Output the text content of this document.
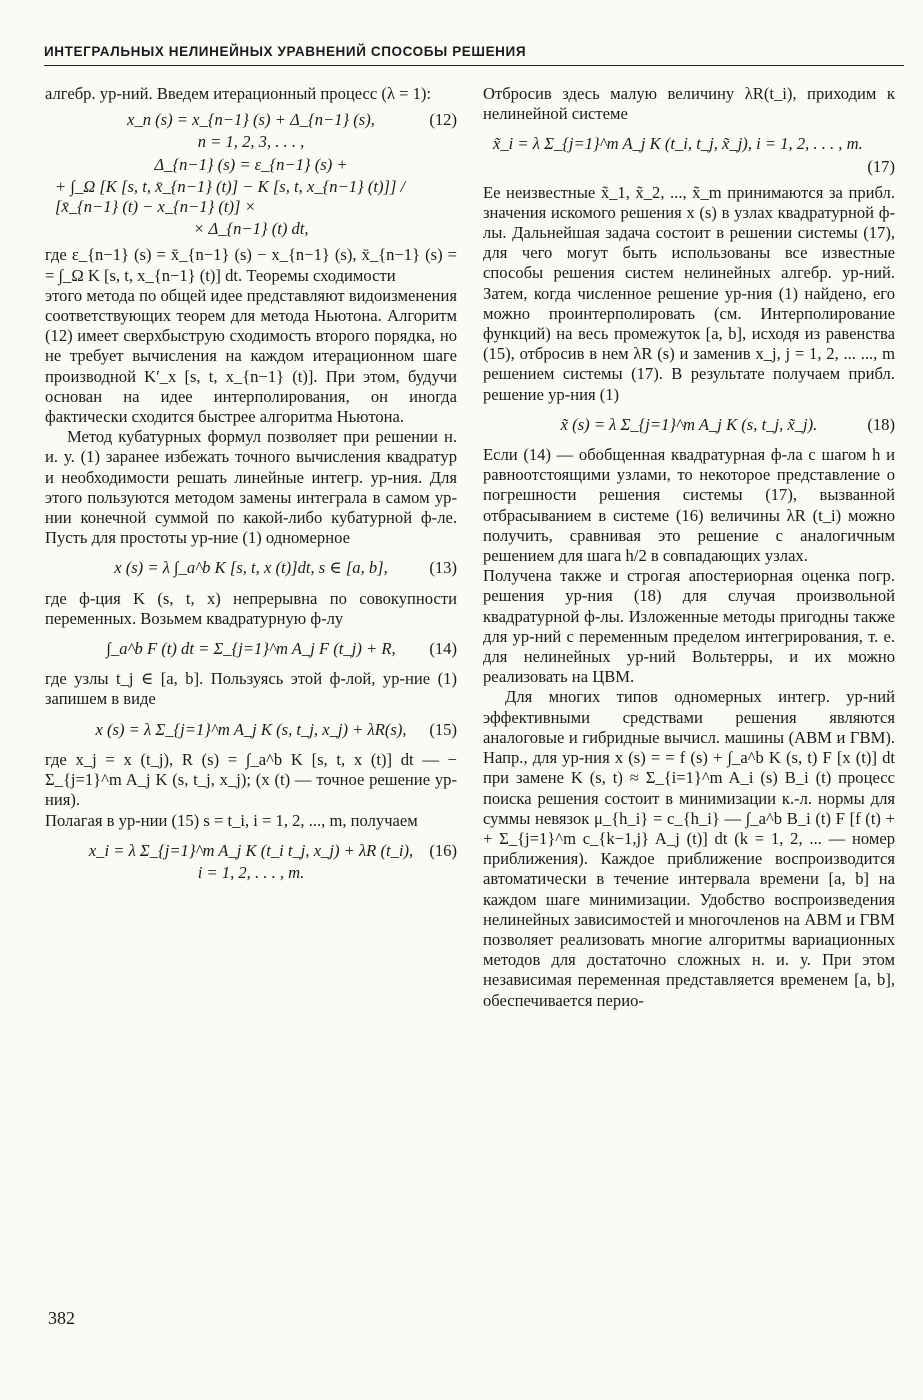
ИНТЕГРАЛЬНЫХ НЕЛИНЕЙНЫХ УРАВНЕНИЙ СПОСОБЫ РЕШЕНИЯ

алгебр. ур-ний. Введем итерационный процесс (λ = 1):

x_n (s) = x_{n−1} (s) + Δ_{n−1} (s),	(12)
n = 1, 2, 3, . . . ,
Δ_{n−1} (s) = ε_{n−1} (s) +
+ ∫_Ω [K [s, t, x̄_{n−1} (t)] − K [s, t, x_{n−1} (t)]] / [x̄_{n−1} (t) − x_{n−1} (t)] ×
× Δ_{n−1} (t) dt,

где ε_{n−1} (s) = x̄_{n−1} (s) − x_{n−1} (s), x̄_{n−1} (s) = = ∫_Ω K [s, t, x_{n−1} (t)] dt. Теоремы сходимости

этого метода по общей идее представляют видоизменения соответствующих теорем для метода Ньютона. Алгоритм (12) имеет сверхбыструю сходимость второго порядка, но не требует вычисления на каждом итерационном шаге производной K′_x [s, t, x_{n−1} (t)]. При этом, будучи основан на идее интерполирования, он иногда фактически сходится быстрее алгоритма Ньютона.

Метод кубатурных формул позволяет при решении н. и. у. (1) заранее избежать точного вычисления квадратур и необходимости решать линейные интегр. ур-ния. Для этого пользуются методом замены интеграла в самом ур-нии конечной суммой по какой-либо кубатурной ф-ле. Пусть для простоты ур-ние (1) одномерное

x (s) = λ ∫_a^b K [s, t, x (t)]dt, s ∈ [a, b],	(13)

где ф-ция K (s, t, x) непрерывна по совокупности переменных. Возьмем квадратурную ф-лу

∫_a^b F (t) dt = Σ_{j=1}^m A_j F (t_j) + R, (14)

где узлы t_j ∈ [a, b]. Пользуясь этой ф-лой, ур-ние (1) запишем в виде

x (s) = λ Σ_{j=1}^m A_j K (s, t_j, x_j) + λR(s), (15)

где x_j = x (t_j), R (s) = ∫_a^b K [s, t, x (t)] dt — − Σ_{j=1}^m A_j K (s, t_j, x_j); (x (t) — точное решение ур-ния).

Полагая в ур-нии (15) s = t_i, i = 1, 2, ..., m, получаем

x_i = λ Σ_{j=1}^m A_j K (t_i t_j, x_j) + λR (t_i), (16)
i = 1, 2, . . . , m.

Отбросив здесь малую величину λR(t_i), приходим к нелинейной системе

x̃_i = λ Σ_{j=1}^m A_j K (t_i, t_j, x̃_j), i = 1, 2, . . . , m.
(17)

Ее неизвестные x̃_1, x̃_2, ..., x̃_m принимаются за прибл. значения искомого решения x (s) в узлах квадратурной ф-лы. Дальнейшая задача состоит в решении системы (17), для чего могут быть использованы все известные способы решения систем нелинейных алгебр. ур-ний. Затем, когда численное решение ур-ния (1) найдено, его можно проинтерполировать (см. Интерполирование функций) на весь промежуток [a, b], исходя из равенства (15), отбросив в нем λR (s) и заменив x_j, j = 1, 2, ... ..., m решением системы (17). В результате получаем прибл. решение ур-ния (1)

x̃ (s) = λ Σ_{j=1}^m A_j K (s, t_j, x̃_j).	(18)

Если (14) — обобщенная квадратурная ф-ла с шагом h и равноотстоящими узлами, то некоторое представление о погрешности решения системы (17), вызванной отбрасыванием в системе (16) величины λR (t_i) можно получить, сравнивая это решение с аналогичным решением для шага h/2 в совпадающих узлах.

Получена также и строгая апостериорная оценка погр. решения ур-ния (18) для случая произвольной квадратурной ф-лы. Изложенные методы пригодны также для ур-ний с переменным пределом интегрирования, т. е. для нелинейных ур-ний Вольтерры, и их можно реализовать на ЦВМ.

Для многих типов одномерных интегр. ур-ний эффективными средствами решения являются аналоговые и гибридные вычисл. машины (АВМ и ГВМ). Напр., для ур-ния x (s) = = f (s) + ∫_a^b K (s, t) F [x (t)] dt при замене K (s, t) ≈ Σ_{i=1}^m A_i (s) B_i (t) процесс поиска решения состоит в минимизации к.-л. нормы для суммы невязок μ_{h_i} = c_{h_i} — ∫_a^b B_i (t) F [f (t) + + Σ_{j=1}^m c_{k−1,j} A_j (t)] dt (k = 1, 2, ... — номер приближения). Каждое приближение воспроизводится автоматически в течение интервала времени [a, b] на каждом шаге минимизации. Удобство воспроизведения нелинейных зависимостей и многочленов на АВМ и ГВМ позволяет реализовать многие алгоритмы вариационных методов для достаточно сложных н. и. у. При этом независимая переменная представляется временем [a, b], обеспечивается перио-

382
